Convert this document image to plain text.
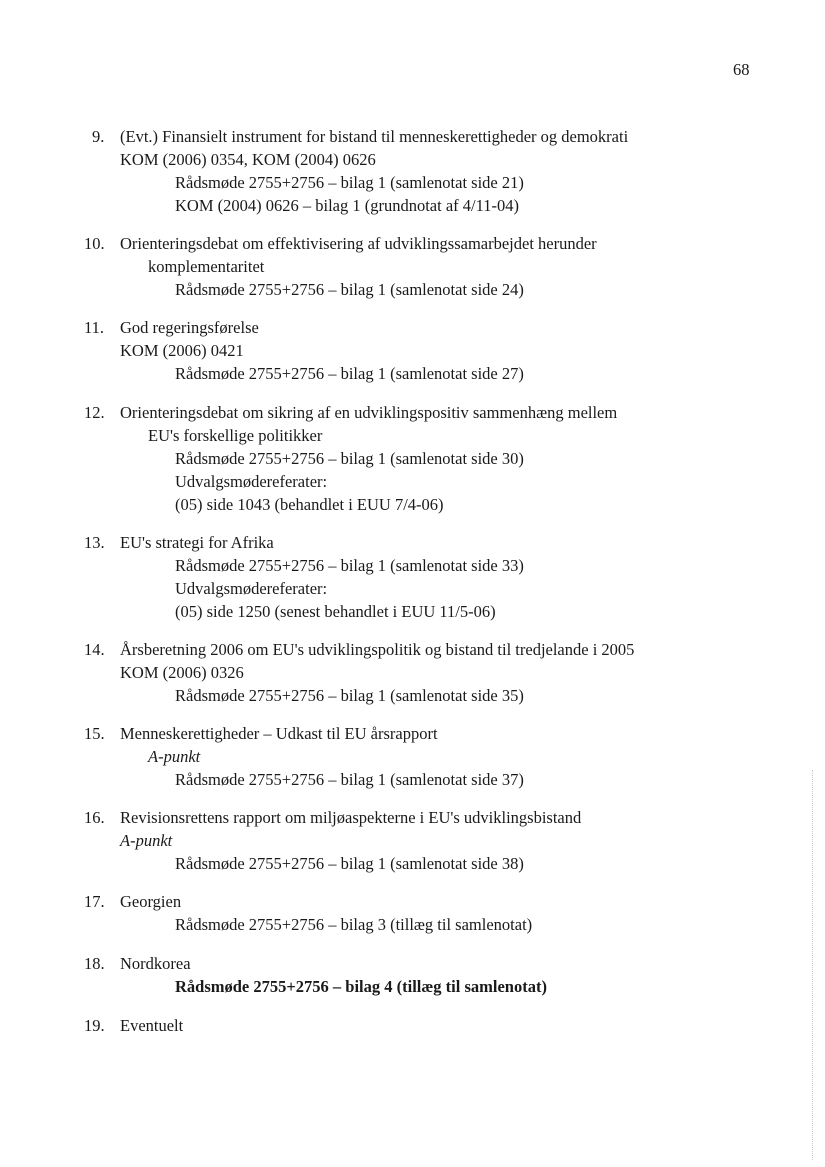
68
9. (Evt.) Finansielt instrument for bistand til menneskerettigheder og demokrati
KOM (2006) 0354, KOM (2004) 0626
Rådsmøde 2755+2756 – bilag 1 (samlenotat side 21)
KOM (2004) 0626 – bilag 1 (grundnotat af 4/11-04)
10. Orienteringsdebat om effektivisering af udviklingssamarbejdet herunder
komplementaritet
Rådsmøde 2755+2756 – bilag 1 (samlenotat side 24)
11. God regeringsførelse
KOM (2006) 0421
Rådsmøde 2755+2756 – bilag 1 (samlenotat side 27)
12. Orienteringsdebat om sikring af en udviklingspositiv sammenhæng mellem
EU's forskellige politikker
Rådsmøde 2755+2756 – bilag 1 (samlenotat side 30)
Udvalgsmødereferater:
(05) side 1043 (behandlet i EUU 7/4-06)
13. EU's strategi for Afrika
Rådsmøde 2755+2756 – bilag 1 (samlenotat side 33)
Udvalgsmødereferater:
(05) side 1250 (senest behandlet i EUU 11/5-06)
14. Årsberetning 2006 om EU's udviklingspolitik og bistand til tredjelande i 2005
KOM (2006) 0326
Rådsmøde 2755+2756 – bilag 1 (samlenotat side 35)
15. Menneskerettigheder – Udkast til EU årsrapport
A-punkt
Rådsmøde 2755+2756 – bilag 1 (samlenotat side 37)
16. Revisionsrettens rapport om miljøaspekterne i EU's udviklingsbistand
A-punkt
Rådsmøde 2755+2756 – bilag 1 (samlenotat side 38)
17. Georgien
Rådsmøde 2755+2756 – bilag 3 (tillæg til samlenotat)
18. Nordkorea
Rådsmøde 2755+2756 – bilag 4 (tillæg til samlenotat)
19. Eventuelt
